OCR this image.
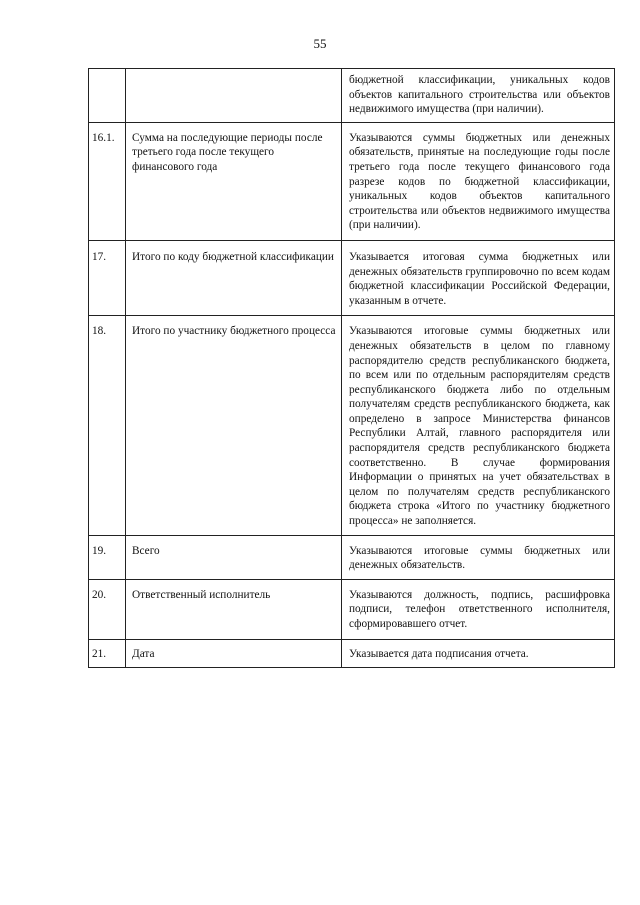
55
		бюджетной классификации, уникальных кодов объектов капитального строительства или объектов недвижимого имущества (при наличии).
16.1.	Сумма на последующие периоды после третьего года после текущего финансового года	Указываются суммы бюджетных или денежных обязательств, принятые на последующие годы после третьего года после текущего финансового года разрезе кодов по бюджетной классификации, уникальных кодов объектов капитального строительства или объектов недвижимого имущества (при наличии).
17.	Итого по коду бюджетной классификации	Указывается итоговая сумма бюджетных или денежных обязательств группировочно по всем кодам бюджетной классификации Российской Федерации, указанным в отчете.
18.	Итого по участнику бюджетного процесса	Указываются итоговые суммы бюджетных или денежных обязательств в целом по главному распорядителю средств республиканского бюджета, по всем или по отдельным распорядителям средств республиканского бюджета либо по отдельным получателям средств республиканского бюджета, как определено в запросе Министерства финансов Республики Алтай, главного распорядителя или распорядителя средств республиканского бюджета соответственно. В случае формирования Информации о принятых на учет обязательствах в целом по получателям средств республиканского бюджета строка «Итого по участнику бюджетного процесса» не заполняется.
19.	Всего	Указываются итоговые суммы бюджетных или денежных обязательств.
20.	Ответственный исполнитель	Указываются должность, подпись, расшифровка подписи, телефон ответственного исполнителя, сформировавшего отчет.
21.	Дата	Указывается дата подписания отчета.
